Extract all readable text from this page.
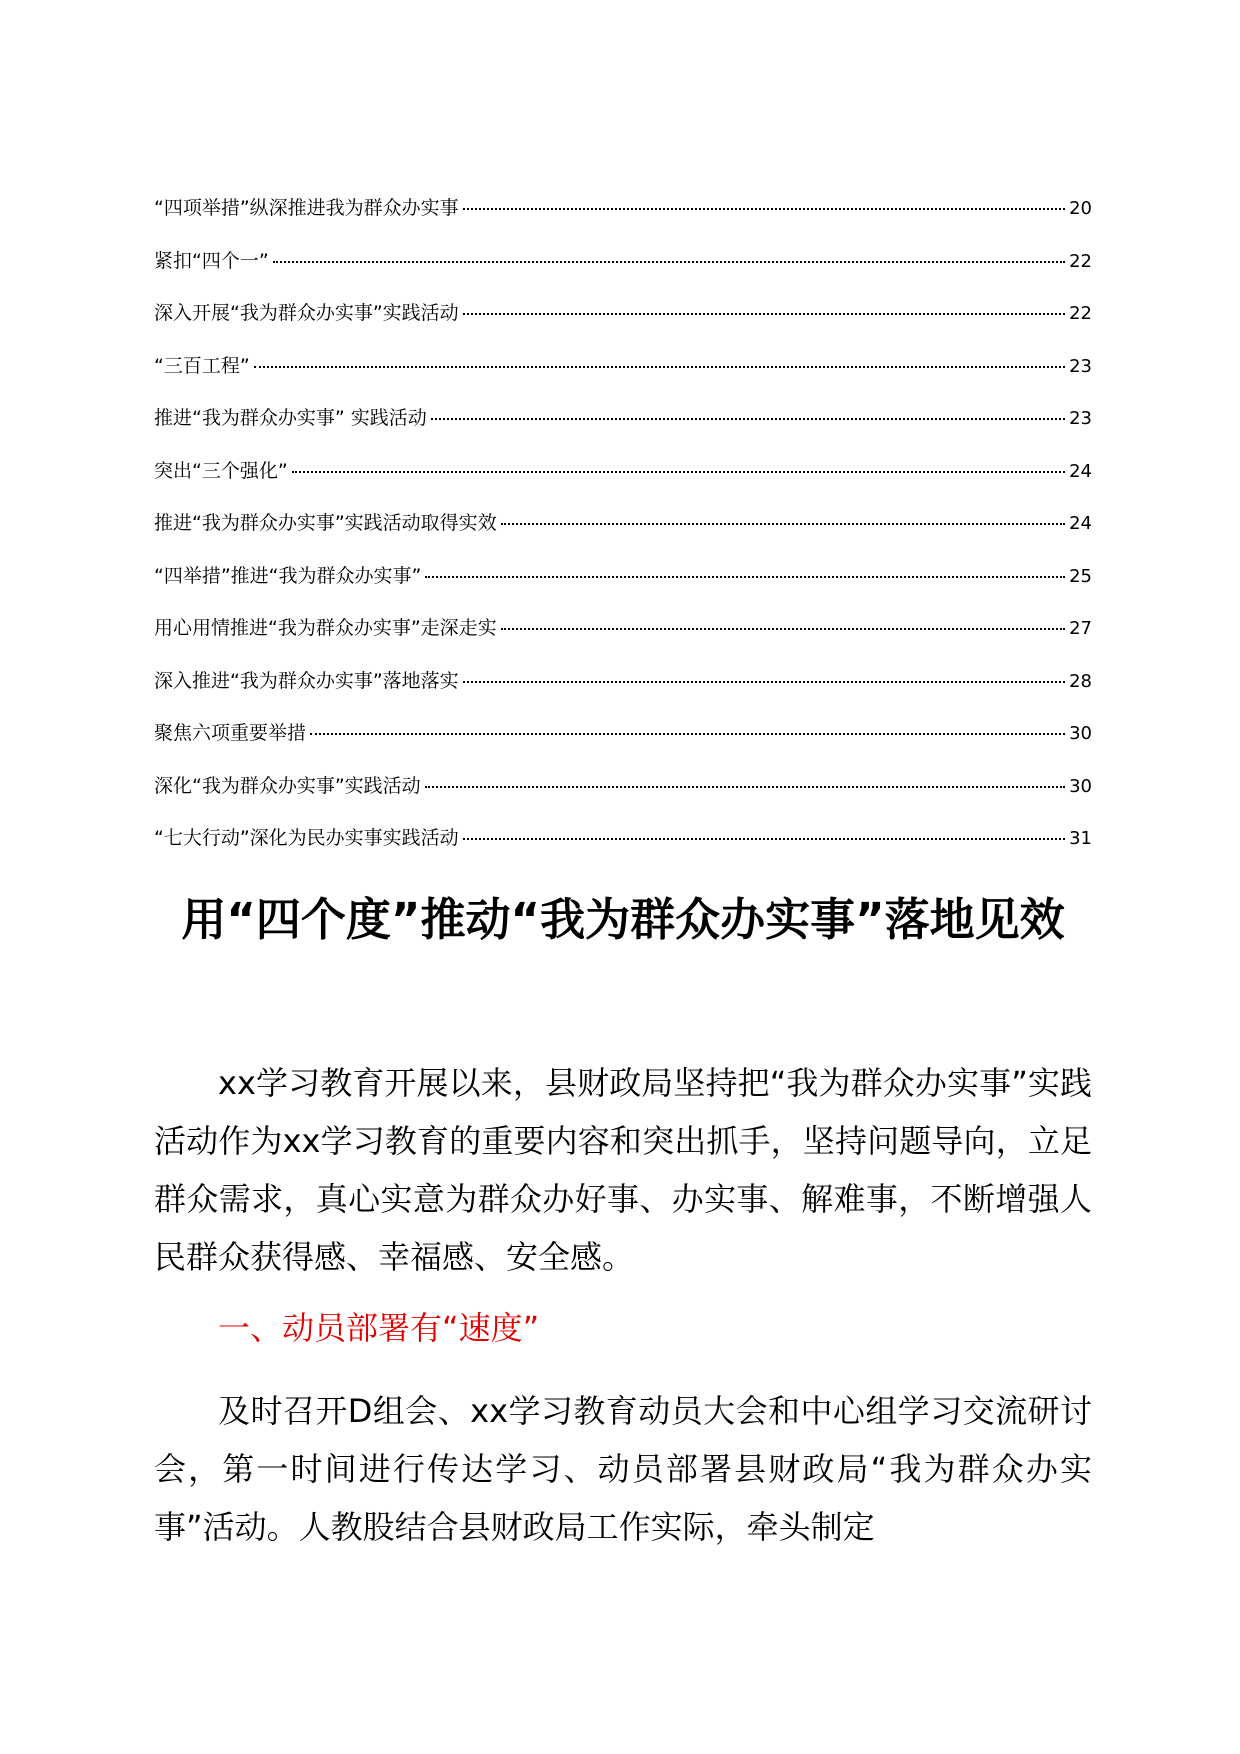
“四项举措”纵深推进我为群众办实事	20
紧扣“四个一”	22
深入开展“我为群众办实事”实践活动	22
“三百工程”	23
推进“我为群众办实事” 实践活动	23
突出“三个强化”	24
推进“我为群众办实事”实践活动取得实效	24
“四举措”推进“我为群众办实事”	25
用心用情推进“我为群众办实事”走深走实	27
深入推进“我为群众办实事”落地落实	28
聚焦六项重要举措	30
深化“我为群众办实事”实践活动	30
“七大行动”深化为民办实事实践活动	31
用“四个度”推动“我为群众办实事”落地见效

xx学习教育开展以来，县财政局坚持把“我为群众办实事”实践活动作为xx学习教育的重要内容和突出抓手，坚持问题导向，立足群众需求，真心实意为群众办好事、办实事、解难事，不断增强人民群众获得感、幸福感、安全感。

一、动员部署有“速度”

及时召开D组会、xx学习教育动员大会和中心组学习交流研讨会，第一时间进行传达学习、动员部署县财政局“我为群众办实事”活动。人教股结合县财政局工作实际，牵头制定
